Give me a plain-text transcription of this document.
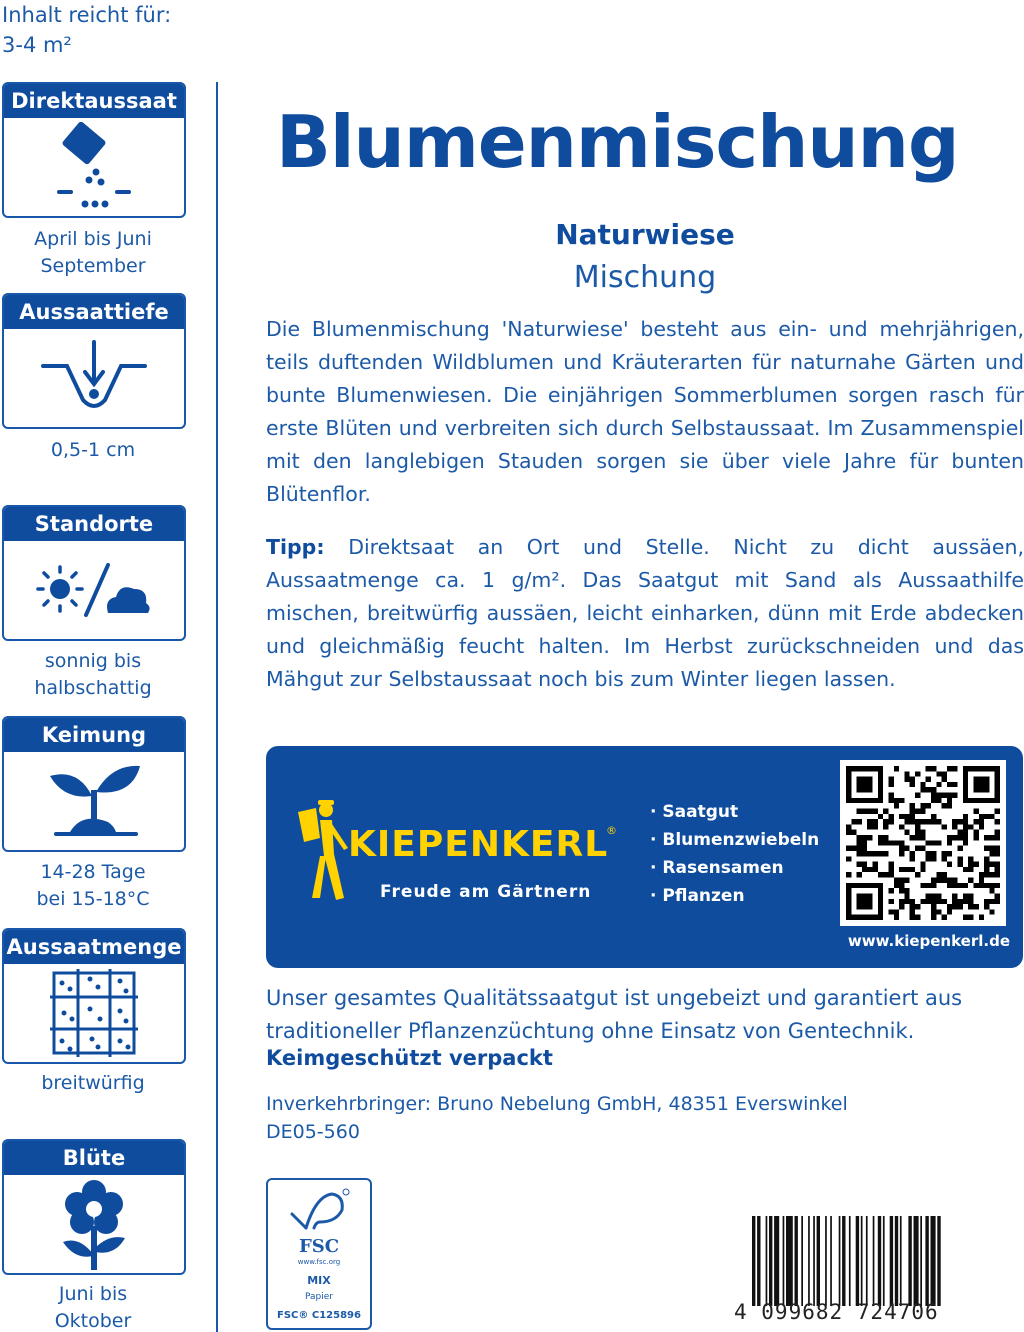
Inhalt reicht für:
3-4 m²
Direktaussaat
April bis Juni
September
Aussaattiefe
0,5-1 cm
Standorte
sonnig bis
halbschattig
Keimung
14-28 Tage
bei 15-18°C
Aussaatmenge
breitwürfig
Blüte
Juni bis
Oktober
Blumenmischung
Naturwiese
Mischung
Die Blumenmischung 'Naturwiese' besteht aus ein- und mehrjährigen, teils duftenden Wildblumen und Kräuterarten für naturnahe Gärten und bunte Blumenwiesen. Die einjährigen Sommerblumen sorgen rasch für erste Blüten und verbreiten sich durch Selbstaussaat. Im Zusammenspiel mit den langlebigen Stauden sorgen sie über viele Jahre für bunten Blütenflor.
Tipp: Direktsaat an Ort und Stelle. Nicht zu dicht aussäen, Aussaatmenge ca. 1 g/m². Das Saatgut mit Sand als Aussaathilfe mischen, breitwürfig aussäen, leicht einharken, dünn mit Erde abdecken und gleichmäßig feucht halten. Im Herbst zurückschneiden und das Mähgut zur Selbstaussaat noch bis zum Winter liegen lassen.
KIEPENKERL
®
Freude am Gärtnern
· Saatgut
· Blumenzwiebeln
· Rasensamen
· Pflanzen
www.kiepenkerl.de
Unser gesamtes Qualitätssaatgut ist ungebeizt und garantiert aus traditioneller Pflanzenzüchtung ohne Einsatz von Gentechnik.
Keimgeschützt verpackt
Inverkehrbringer: Bruno Nebelung GmbH, 48351 Everswinkel
DE05-560
FSC
www.fsc.org
MIX
Papier
FSC® C125896	4 099682 724706
